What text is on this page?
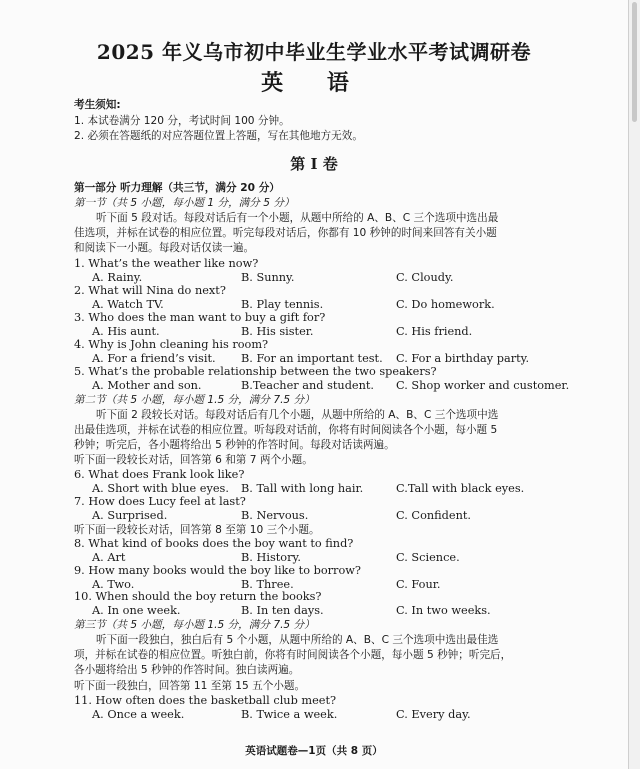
2025 年义乌市初中毕业生学业水平考试调研卷
英 语
考生须知:
1. 本试卷满分 120 分，考试时间 100 分钟。
2. 必须在答题纸的对应答题位置上答题，写在其他地方无效。
第 I 卷
第一部分 听力理解（共三节，满分 20 分）
第一节（共 5 小题，每小题 1 分，满分 5 分）
听下面 5 段对话。每段对话后有一个小题，从题中所给的 A、B、C 三个选项中选出最
佳选项，并标在试卷的相应位置。听完每段对话后，你都有 10 秒钟的时间来回答有关小题
和阅读下一小题。每段对话仅读一遍。
1. What’s the weather like now?
A. Rainy.	B. Sunny.	C. Cloudy.
2. What will Nina do next?
A. Watch TV.	B. Play tennis.	C. Do homework.
3. Who does the man want to buy a gift for?
A. His aunt.	B. His sister.	C. His friend.
4. Why is John cleaning his room?
A. For a friend’s visit. B. For an important test. C. For a birthday party.
5. What’s the probable relationship between the two speakers?
A. Mother and son.	B.Teacher and student. C. Shop worker and customer.
第二节（共 5 小题，每小题 1.5 分，满分 7.5 分）
听下面 2 段较长对话。每段对话后有几个小题，从题中所给的 A、B、C 三个选项中选
出最佳选项，并标在试卷的相应位置。听每段对话前，你将有时间阅读各个小题，每小题 5
秒钟；听完后，各小题将给出 5 秒钟的作答时间。每段对话读两遍。
听下面一段较长对话，回答第 6 和第 7 两个小题。
6. What does Frank look like?
A. Short with blue eyes. B. Tall with long hair.	C.Tall with black eyes.
7. How does Lucy feel at last?
A. Surprised.	B. Nervous.	C. Confident.
听下面一段较长对话，回答第 8 至第 10 三个小题。
8. What kind of books does the boy want to find?
A. Art	B. History.	C. Science.
9. How many books would the boy like to borrow?
A. Two.	B. Three.	C. Four.
10. When should the boy return the books?
A. In one week.	B. In ten days.	C. In two weeks.
第三节（共 5 小题，每小题 1.5 分，满分 7.5 分）
听下面一段独白，独白后有 5 个小题，从题中所给的 A、B、C 三个选项中选出最佳选
项，并标在试卷的相应位置。听独白前，你将有时间阅读各个小题，每小题 5 秒钟；听完后，
各小题将给出 5 秒钟的作答时间。独白读两遍。
听下面一段独白，回答第 11 至第 15 五个小题。
11. How often does the basketball club meet?
A. Once a week.	B. Twice a week.	C. Every day.
英语试题卷—1页（共 8 页）
